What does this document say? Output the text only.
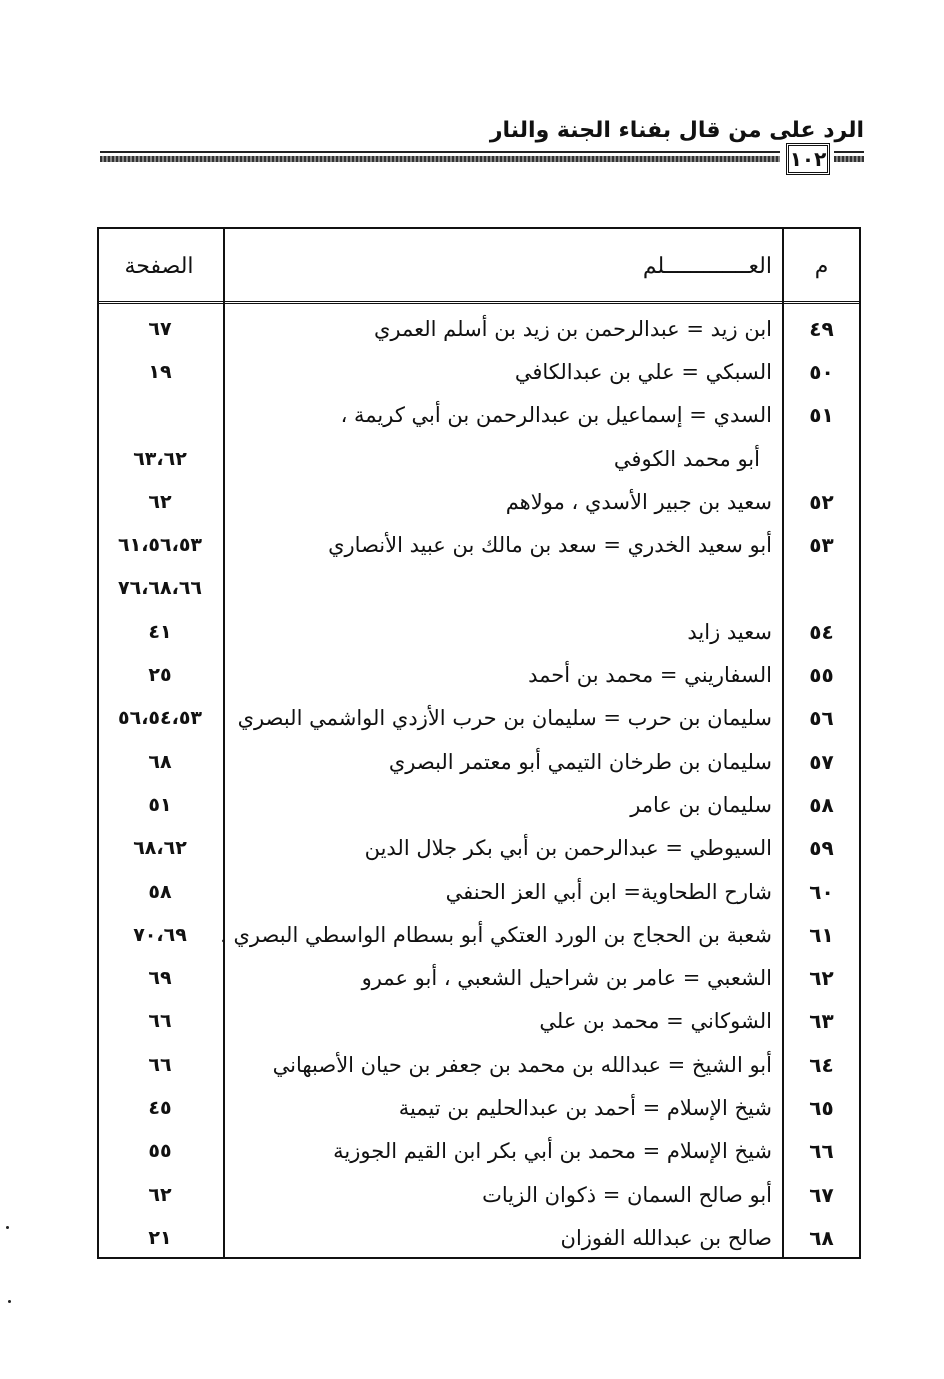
الرد على من قال بفناء الجنة والنار
١٠٢
م
العـــــــــــــلم
الصفحة
٤٩
ابن زيد = عبدالرحمن بن زيد بن أسلم العمري
٦٧
٥٠
السبكي = علي بن عبدالكافي
١٩
٥١
السدي = إسماعيل بن عبدالرحمن بن أبي كريمة ،
أبو محمد الكوفي
٦٣،٦٢
٥٢
سعيد بن جبير الأسدي ، مولاهم
٦٢
٥٣
أبو سعيد الخدري = سعد بن مالك بن عبيد الأنصاري
٦١،٥٦،٥٣
٧٦،٦٨،٦٦
٥٤
سعيد زايد
٤١
٥٥
السفاريني = محمد بن أحمد
٢٥
٥٦
سليمان بن حرب = سليمان بن حرب الأزدي الواشمي البصري
٥٦،٥٤،٥٣
٥٧
سليمان بن طرخان التيمي أبو معتمر البصري
٦٨
٥٨
سليمان بن عامر
٥١
٥٩
السيوطي = عبدالرحمن بن أبي بكر جلال الدين
٦٨،٦٢
٦٠
شارح الطحاوية= ابن أبي العز الحنفي
٥٨
٦١
شعبة بن الحجاج بن الورد العتكي أبو بسطام الواسطي البصري .
٧٠،٦٩
٦٢
الشعبي = عامر بن شراحيل الشعبي ، أبو عمرو
٦٩
٦٣
الشوكاني = محمد بن علي
٦٦
٦٤
أبو الشيخ = عبدالله بن محمد بن جعفر بن حيان الأصبهاني
٦٦
٦٥
شيخ الإسلام = أحمد بن عبدالحليم بن تيمية
٤٥
٦٦
شيخ الإسلام = محمد بن أبي بكر ابن القيم الجوزية
٥٥
٦٧
أبو صالح السمان = ذكوان الزيات
٦٢
٦٨
صالح بن عبدالله الفوزان
٢١
